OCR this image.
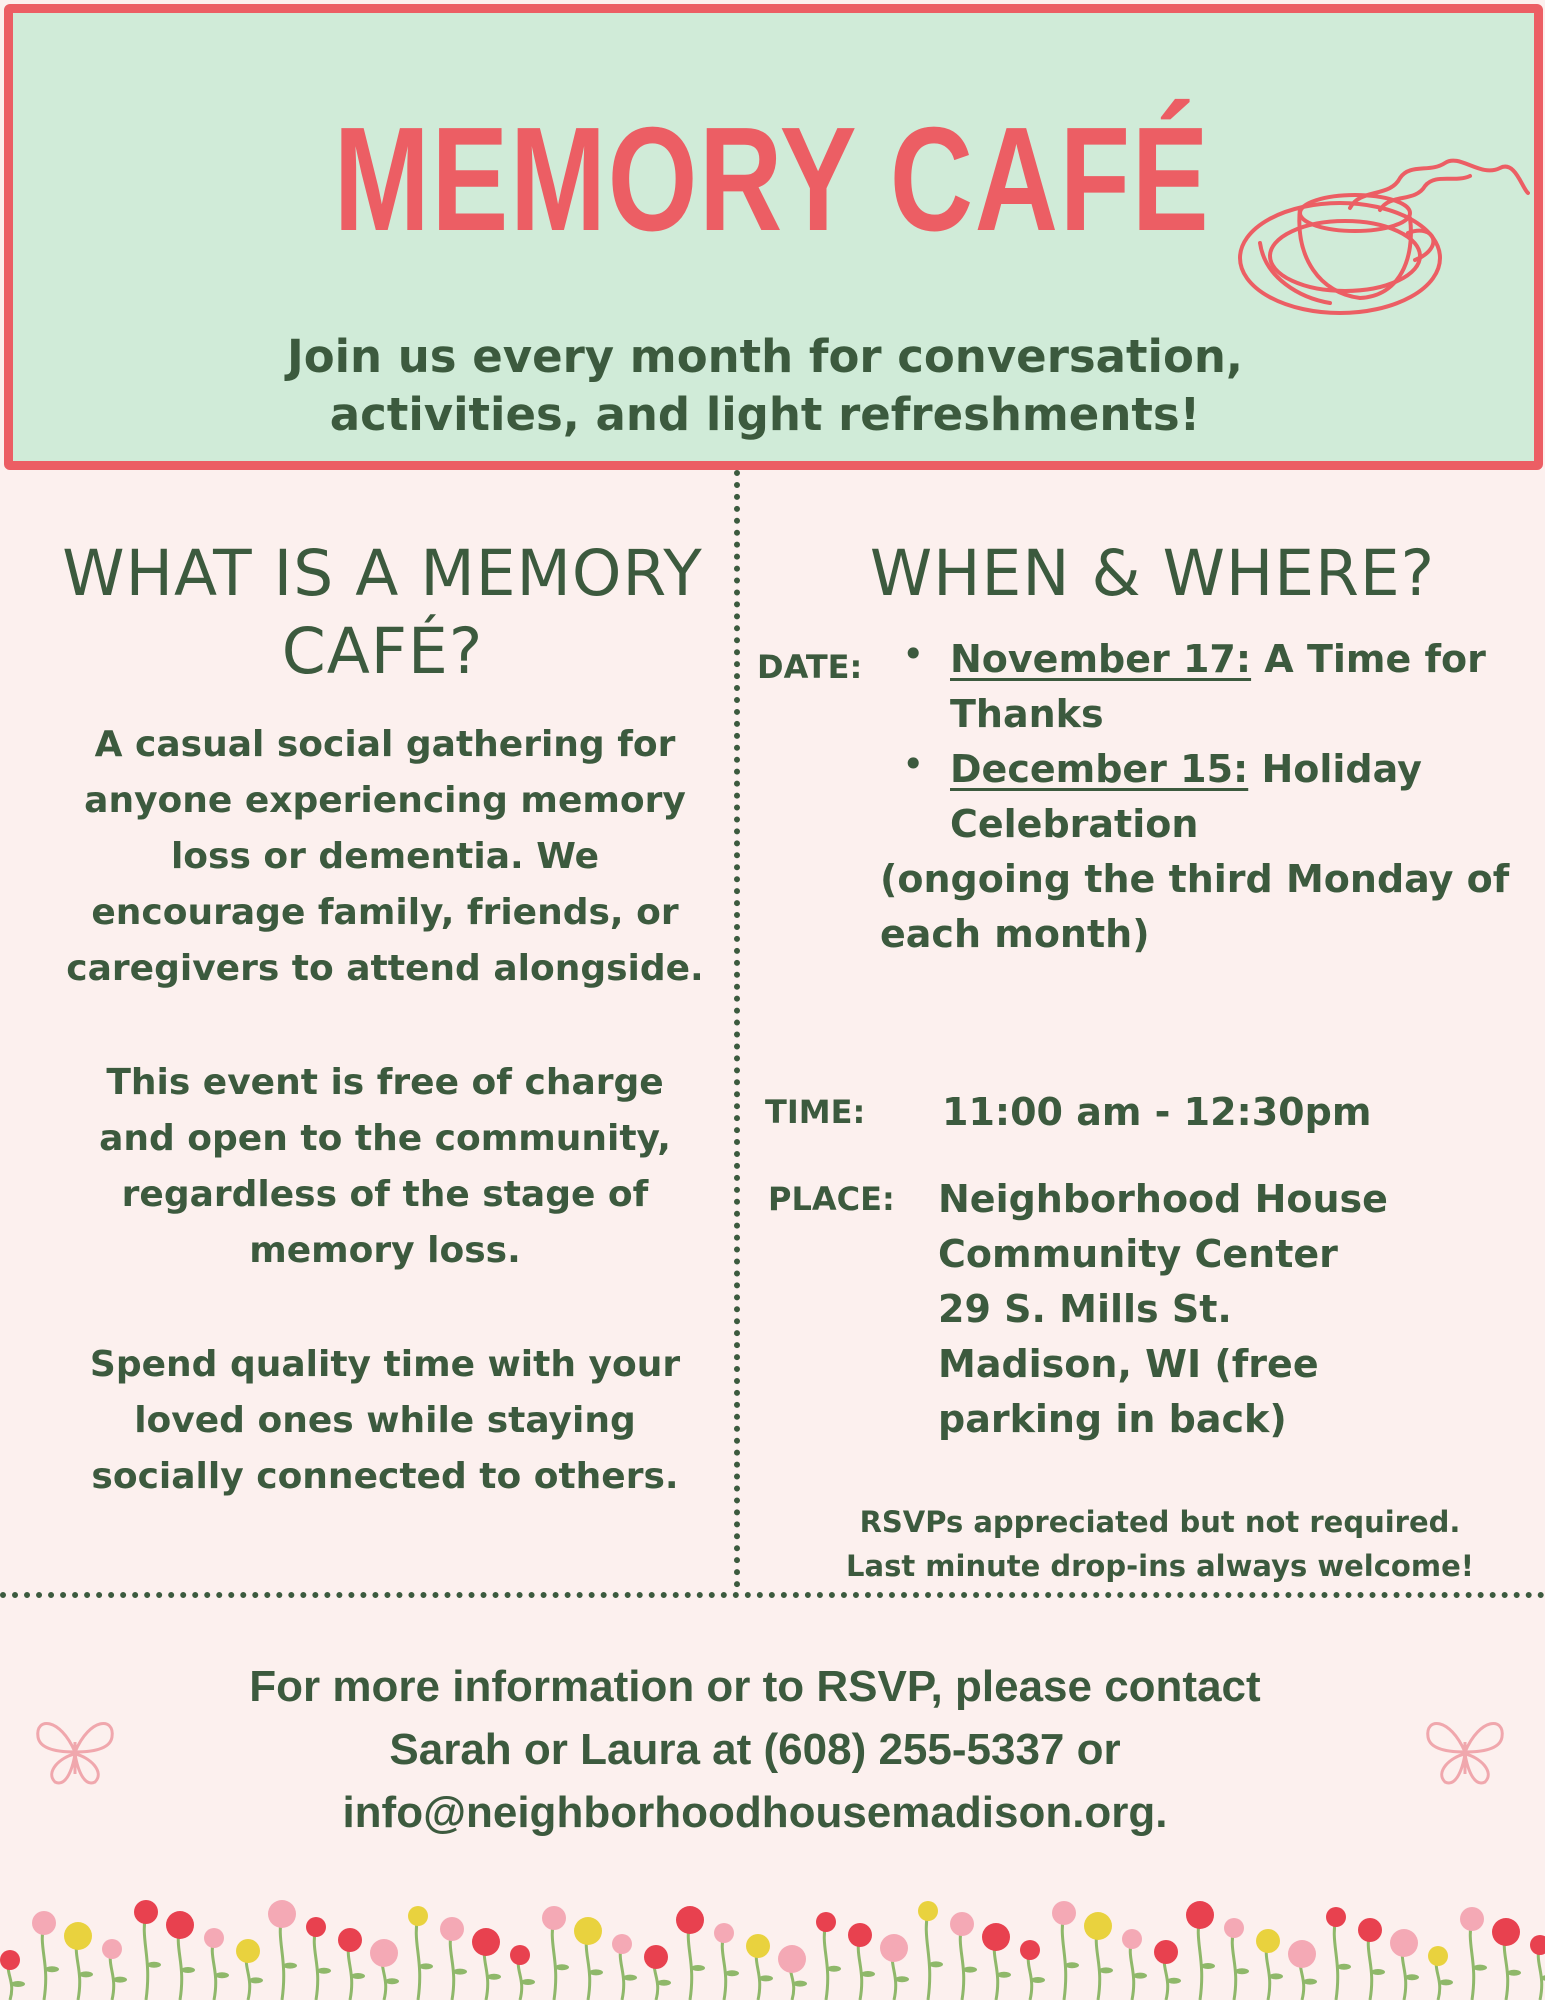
MEMORY CAFÉ
Join us every month for conversation,
activities, and light refreshments!
WHAT IS A MEMORY
CAFÉ?
A casual social gathering for
anyone experiencing memory
loss or dementia. We
encourage family, friends, or
caregivers to attend alongside.
This event is free of charge
and open to the community,
regardless of the stage of
memory loss.
Spend quality time with your
loved ones while staying
socially connected to others.
WHEN & WHERE?
DATE: • November 17: A Time for
Thanks
• December 15: Holiday
Celebration
(ongoing the third Monday of
each month)
TIME: 11:00 am - 12:30pm
PLACE: Neighborhood House
Community Center
29 S. Mills St.
Madison, WI (free
parking in back)
RSVPs appreciated but not required.
Last minute drop-ins always welcome!
For more information or to RSVP, please contact
Sarah or Laura at (608) 255-5337 or
info@neighborhoodhousemadison.org.
